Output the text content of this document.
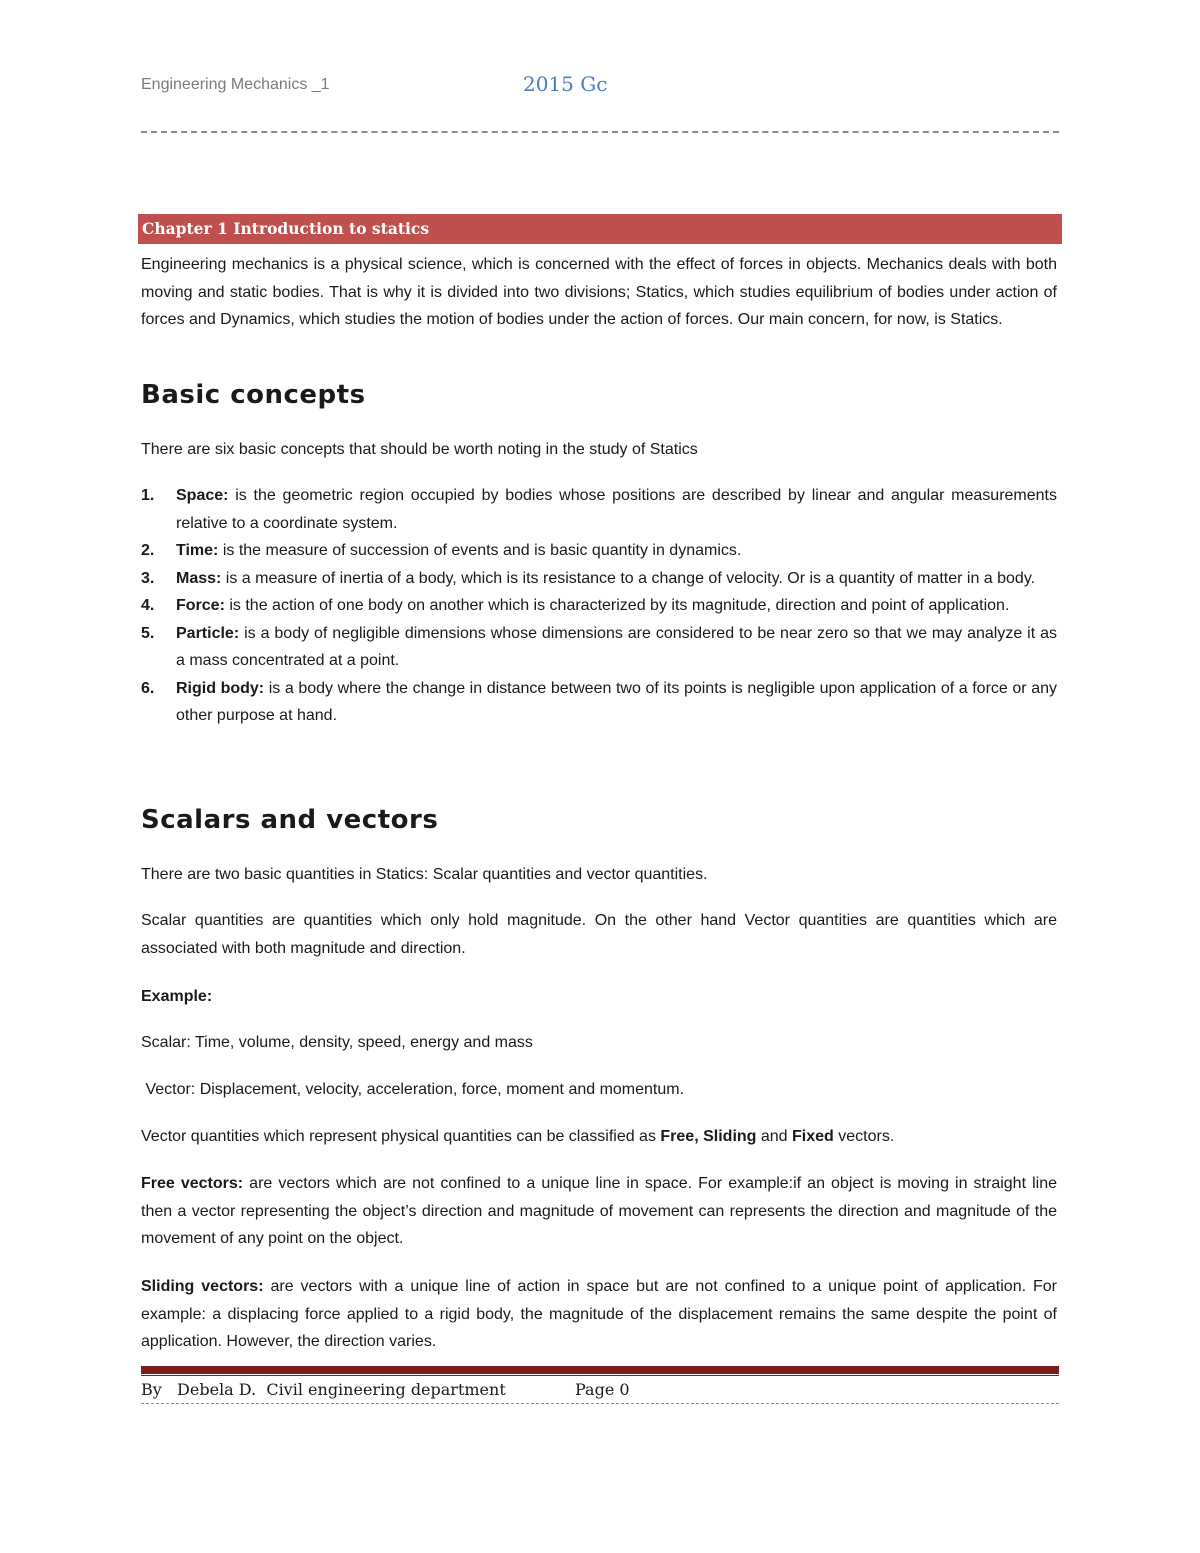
Engineering Mechanics _1	2015 Gc
Chapter 1 Introduction to statics
Engineering mechanics is a physical science, which is concerned with the effect of forces in objects. Mechanics deals with both moving and static bodies. That is why it is divided into two divisions; Statics, which studies equilibrium of bodies under action of forces and Dynamics, which studies the motion of bodies under the action of forces. Our main concern, for now, is Statics.
Basic concepts
There are six basic concepts that should be worth noting in the study of Statics
1. Space: is the geometric region occupied by bodies whose positions are described by linear and angular measurements relative to a coordinate system.
2. Time: is the measure of succession of events and is basic quantity in dynamics.
3. Mass: is a measure of inertia of a body, which is its resistance to a change of velocity. Or is a quantity of matter in a body.
4. Force: is the action of one body on another which is characterized by its magnitude, direction and point of application.
5. Particle: is a body of negligible dimensions whose dimensions are considered to be near zero so that we may analyze it as a mass concentrated at a point.
6. Rigid body: is a body where the change in distance between two of its points is negligible upon application of a force or any other purpose at hand.
Scalars and vectors
There are two basic quantities in Statics: Scalar quantities and vector quantities.
Scalar quantities are quantities which only hold magnitude. On the other hand Vector quantities are quantities which are associated with both magnitude and direction.
Example:
Scalar: Time, volume, density, speed, energy and mass
Vector: Displacement, velocity, acceleration, force, moment and momentum.
Vector quantities which represent physical quantities can be classified as Free, Sliding and Fixed vectors.
Free vectors: are vectors which are not confined to a unique line in space. For example:if an object is moving in straight line then a vector representing the object’s direction and magnitude of movement can represents the direction and magnitude of the movement of any point on the object.
Sliding vectors: are vectors with a unique line of action in space but are not confined to a unique point of application. For example: a displacing force applied to a rigid body, the magnitude of the displacement remains the same despite the point of application. However, the direction varies.
By   Debela D.  Civil engineering department	Page 0
